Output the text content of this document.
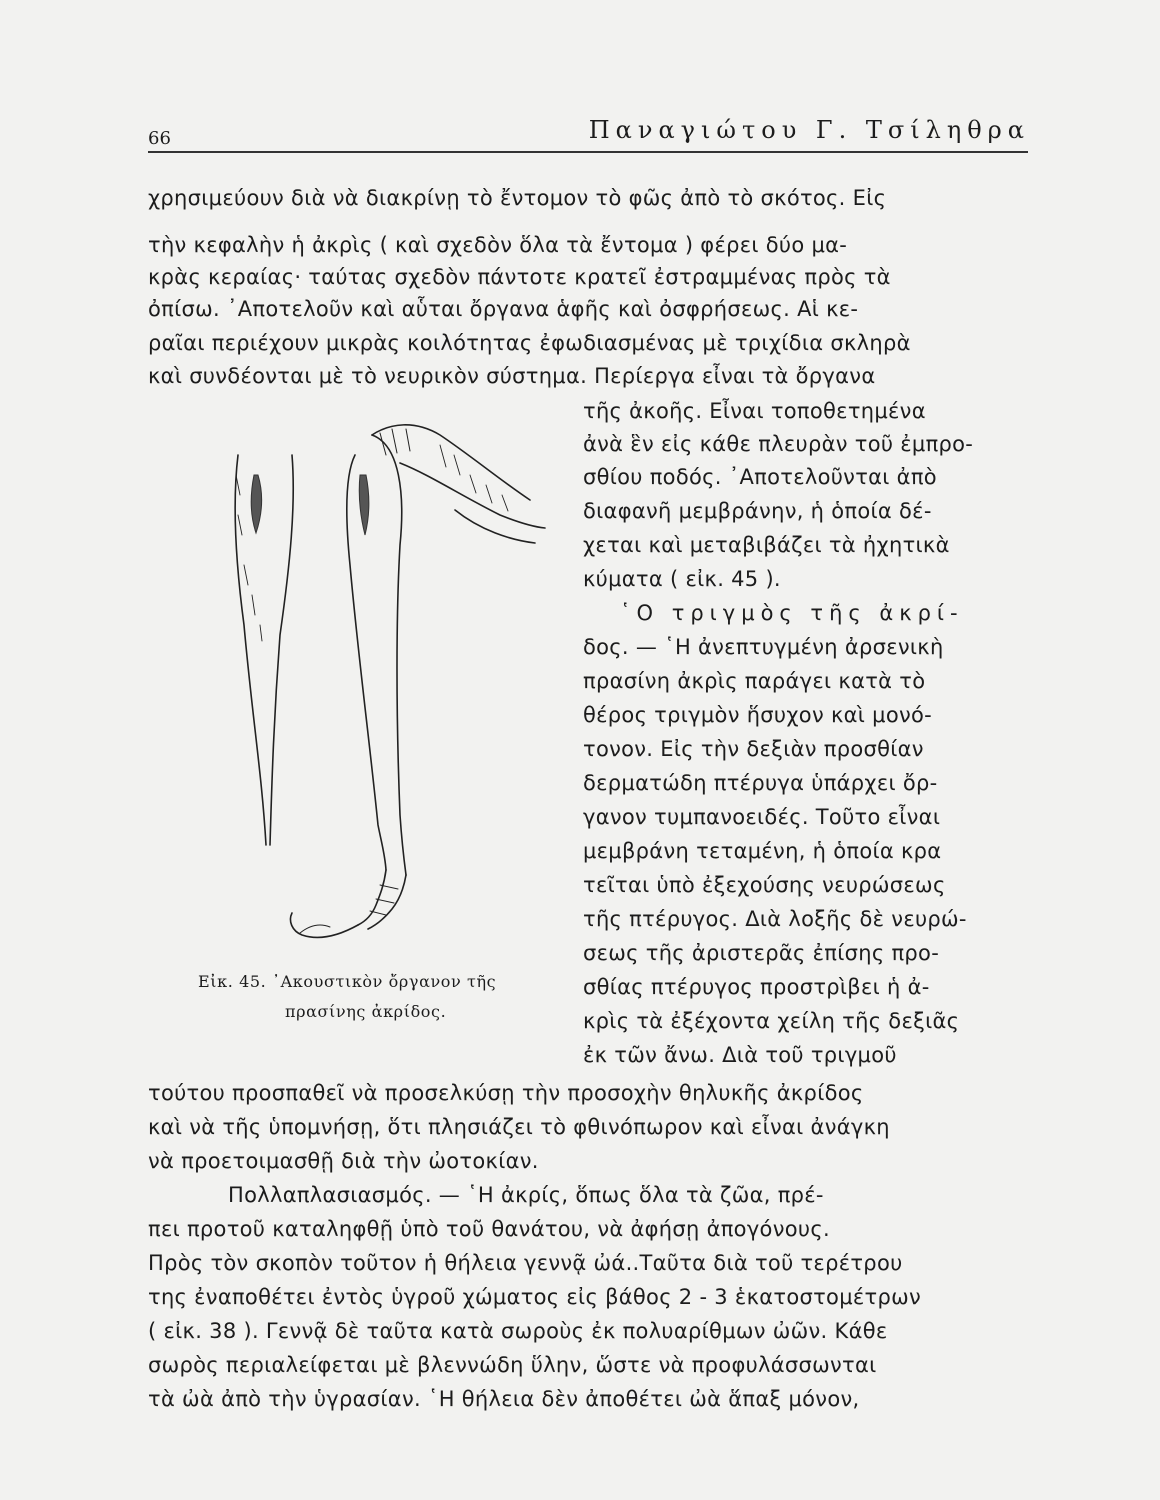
66	Παναγιώτου Γ. Τσίληθρα
χρησιμεύουν διὰ νὰ διακρίνῃ τὸ ἔντομον τὸ φῶς ἀπὸ τὸ σκότος. Εἰς
τὴν κεφαλὴν ἡ ἀκρὶς ( καὶ σχεδὸν ὅλα τὰ ἔντομα ) φέρει δύο μα-
κρὰς κεραίας· ταύτας σχεδὸν πάντοτε κρατεῖ ἐστραμμένας πρὸς τὰ
ὀπίσω. ᾿Αποτελοῦν καὶ αὗται ὄργανα ἁφῆς καὶ ὀσφρήσεως. Αἱ κε-
ραῖαι περιέχουν μικρὰς κοιλότητας ἐφωδιασμένας μὲ τριχίδια σκληρὰ
καὶ συνδέονται μὲ τὸ νευρικὸν σύστημα. Περίεργα εἶναι τὰ ὄργανα
τῆς ἀκοῆς. Εἶναι τοποθετημένα
ἀνὰ ἓν εἰς κάθε πλευρὰν τοῦ ἐμπρο-
σθίου ποδός. ᾿Αποτελοῦνται ἀπὸ
διαφανῆ μεμβράνην, ἡ ὁποία δέ-
χεται καὶ μεταβιβάζει τὰ ἠχητικὰ
κύματα ( εἰκ. 45 ).
῾Ο τριγμὸς τῆς ἀκρί-
δος. — ῾Η ἀνεπτυγμένη ἀρσενικὴ
πρασίνη ἀκρὶς παράγει κατὰ τὸ
θέρος τριγμὸν ἥσυχον καὶ μονό-
τονον. Εἰς τὴν δεξιὰν προσθίαν
δερματώδη πτέρυγα ὑπάρχει ὄρ-
γανον τυμπανοειδές. Τοῦτο εἶναι
μεμβράνη τεταμένη, ἡ ὁποία κρα
τεῖται ὑπὸ ἐξεχούσης νευρώσεως
τῆς πτέρυγος. Διὰ λοξῆς δὲ νευρώ-
σεως τῆς ἀριστερᾶς ἐπίσης προ-
σθίας πτέρυγος προστρὶβει ἡ ἀ-
κρὶς τὰ ἐξέχοντα χείλη τῆς δεξιᾶς
ἐκ τῶν ἄνω. Διὰ τοῦ τριγμοῦ
τούτου προσπαθεῖ νὰ προσελκύσῃ τὴν προσοχὴν θηλυκῆς ἀκρίδος
καὶ νὰ τῆς ὑπομνήσῃ, ὅτι πλησιάζει τὸ φθινόπωρον καὶ εἶναι ἀνάγκη
νὰ προετοιμασθῇ διὰ τὴν ὠοτοκίαν.
Πολλαπλασιασμός. — ῾Η ἀκρίς, ὅπως ὅλα τὰ ζῶα, πρέ-
πει προτοῦ καταληφθῇ ὑπὸ τοῦ θανάτου, νὰ ἀφήσῃ ἀπογόνους.
Πρὸς τὸν σκοπὸν τοῦτον ἡ θήλεια γεννᾷ ὠά..Ταῦτα διὰ τοῦ τερέτρου
της ἐναποθέτει ἐντὸς ὑγροῦ χώματος εἰς βάθος 2 - 3 ἑκατοστομέτρων
( εἰκ. 38 ). Γεννᾷ δὲ ταῦτα κατὰ σωροὺς ἐκ πολυαρίθμων ὠῶν. Κάθε
σωρὸς περιαλείφεται μὲ βλεννώδη ὕλην, ὥστε νὰ προφυλάσσωνται
τὰ ὠὰ ἀπὸ τὴν ὑγρασίαν. ῾Η θήλεια δὲν ἀποθέτει ὠὰ ἅπαξ μόνον,
Εἰκ. 45. ᾿Ακουστικὸν ὄργανον τῆς
πρασίνης ἀκρίδος.
